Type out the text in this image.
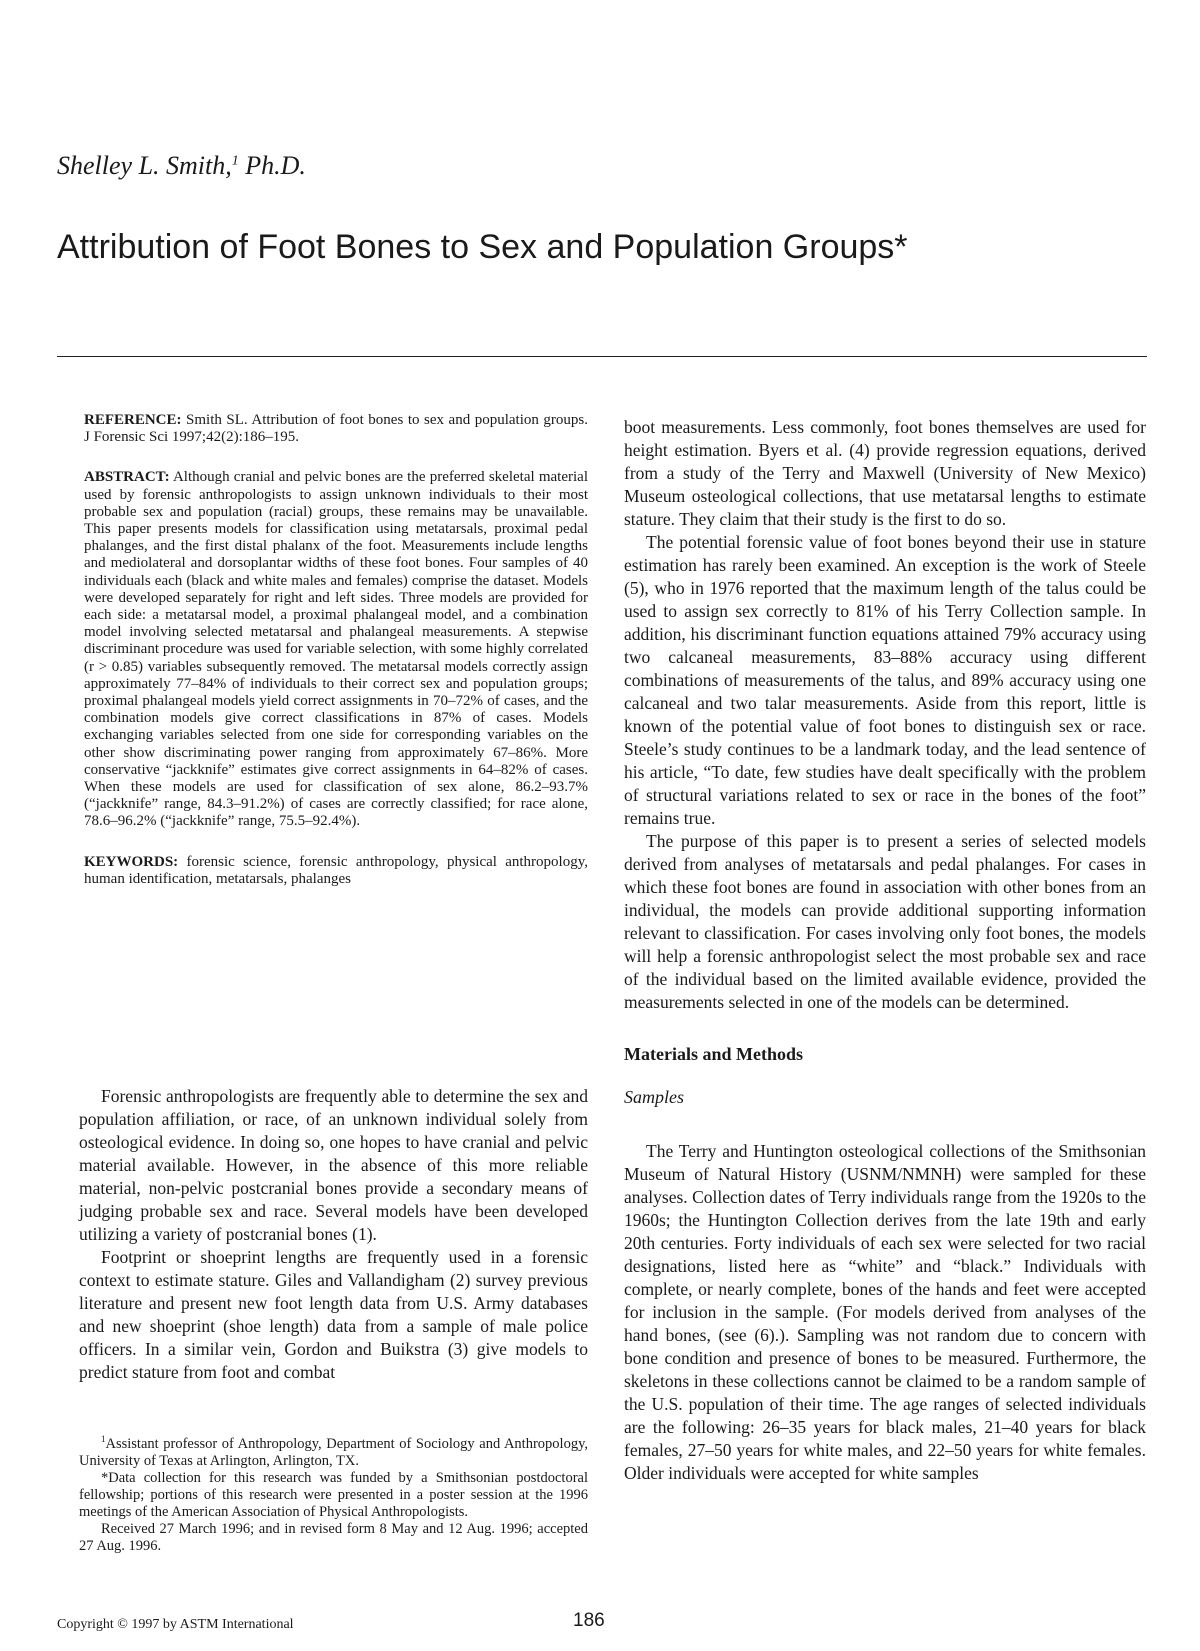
Shelley L. Smith,$^1$ Ph.D.
Attribution of Foot Bones to Sex and Population Groups*

REFERENCE: Smith SL. Attribution of foot bones to sex and population groups. J Forensic Sci 1997;42(2):186–195.

ABSTRACT: Although cranial and pelvic bones are the preferred skeletal material used by forensic anthropologists to assign unknown individuals to their most probable sex and population (racial) groups, these remains may be unavailable. This paper presents models for classification using metatarsals, proximal pedal phalanges, and the first distal phalanx of the foot. Measurements include lengths and mediolateral and dorsoplantar widths of these foot bones. Four samples of 40 individuals each (black and white males and females) comprise the dataset. Models were developed separately for right and left sides. Three models are provided for each side: a metatarsal model, a proximal phalangeal model, and a combination model involving selected metatarsal and phalangeal measurements. A stepwise discriminant procedure was used for variable selection, with some highly correlated (r > 0.85) variables subsequently removed. The metatarsal models correctly assign approximately 77–84% of individuals to their correct sex and population groups; proximal phalangeal models yield correct assignments in 70–72% of cases, and the combination models give correct classifications in 87% of cases. Models exchanging variables selected from one side for corresponding variables on the other show discriminating power ranging from approximately 67–86%. More conservative “jackknife” estimates give correct assignments in 64–82% of cases. When these models are used for classification of sex alone, 86.2–93.7% (“jackknife” range, 84.3–91.2%) of cases are correctly classified; for race alone, 78.6–96.2% (“jackknife” range, 75.5–92.4%).

KEYWORDS: forensic science, forensic anthropology, physical anthropology, human identification, metatarsals, phalanges

Forensic anthropologists are frequently able to determine the sex and population affiliation, or race, of an unknown individual solely from osteological evidence. In doing so, one hopes to have cranial and pelvic material available. However, in the absence of this more reliable material, non-pelvic postcranial bones provide a secondary means of judging probable sex and race. Several models have been developed utilizing a variety of postcranial bones (1).

Footprint or shoeprint lengths are frequently used in a forensic context to estimate stature. Giles and Vallandigham (2) survey previous literature and present new foot length data from U.S. Army databases and new shoeprint (shoe length) data from a sample of male police officers. In a similar vein, Gordon and Buikstra (3) give models to predict stature from foot and combat

boot measurements. Less commonly, foot bones themselves are used for height estimation. Byers et al. (4) provide regression equations, derived from a study of the Terry and Maxwell (University of New Mexico) Museum osteological collections, that use metatarsal lengths to estimate stature. They claim that their study is the first to do so.

The potential forensic value of foot bones beyond their use in stature estimation has rarely been examined. An exception is the work of Steele (5), who in 1976 reported that the maximum length of the talus could be used to assign sex correctly to 81% of his Terry Collection sample. In addition, his discriminant function equations attained 79% accuracy using two calcaneal measurements, 83–88% accuracy using different combinations of measurements of the talus, and 89% accuracy using one calcaneal and two talar measurements. Aside from this report, little is known of the potential value of foot bones to distinguish sex or race. Steele’s study continues to be a landmark today, and the lead sentence of his article, “To date, few studies have dealt specifically with the problem of structural variations related to sex or race in the bones of the foot” remains true.

The purpose of this paper is to present a series of selected models derived from analyses of metatarsals and pedal phalanges. For cases in which these foot bones are found in association with other bones from an individual, the models can provide additional supporting information relevant to classification. For cases involving only foot bones, the models will help a forensic anthropologist select the most probable sex and race of the individual based on the limited available evidence, provided the measurements selected in one of the models can be determined.

Materials and Methods
Samples

The Terry and Huntington osteological collections of the Smithsonian Museum of Natural History (USNM/NMNH) were sampled for these analyses. Collection dates of Terry individuals range from the 1920s to the 1960s; the Huntington Collection derives from the late 19th and early 20th centuries. Forty individuals of each sex were selected for two racial designations, listed here as “white” and “black.” Individuals with complete, or nearly complete, bones of the hands and feet were accepted for inclusion in the sample. (For models derived from analyses of the hand bones, (see (6).). Sampling was not random due to concern with bone condition and presence of bones to be measured. Furthermore, the skeletons in these collections cannot be claimed to be a random sample of the U.S. population of their time. The age ranges of selected individuals are the following: 26–35 years for black males, 21–40 years for black females, 27–50 years for white males, and 22–50 years for white females. Older individuals were accepted for white samples

$^1$Assistant professor of Anthropology, Department of Sociology and Anthropology, University of Texas at Arlington, Arlington, TX.

*Data collection for this research was funded by a Smithsonian postdoctoral fellowship; portions of this research were presented in a poster session at the 1996 meetings of the American Association of Physical Anthropologists.

Received 27 March 1996; and in revised form 8 May and 12 Aug. 1996; accepted 27 Aug. 1996.

Copyright © 1997 by ASTM International	186
